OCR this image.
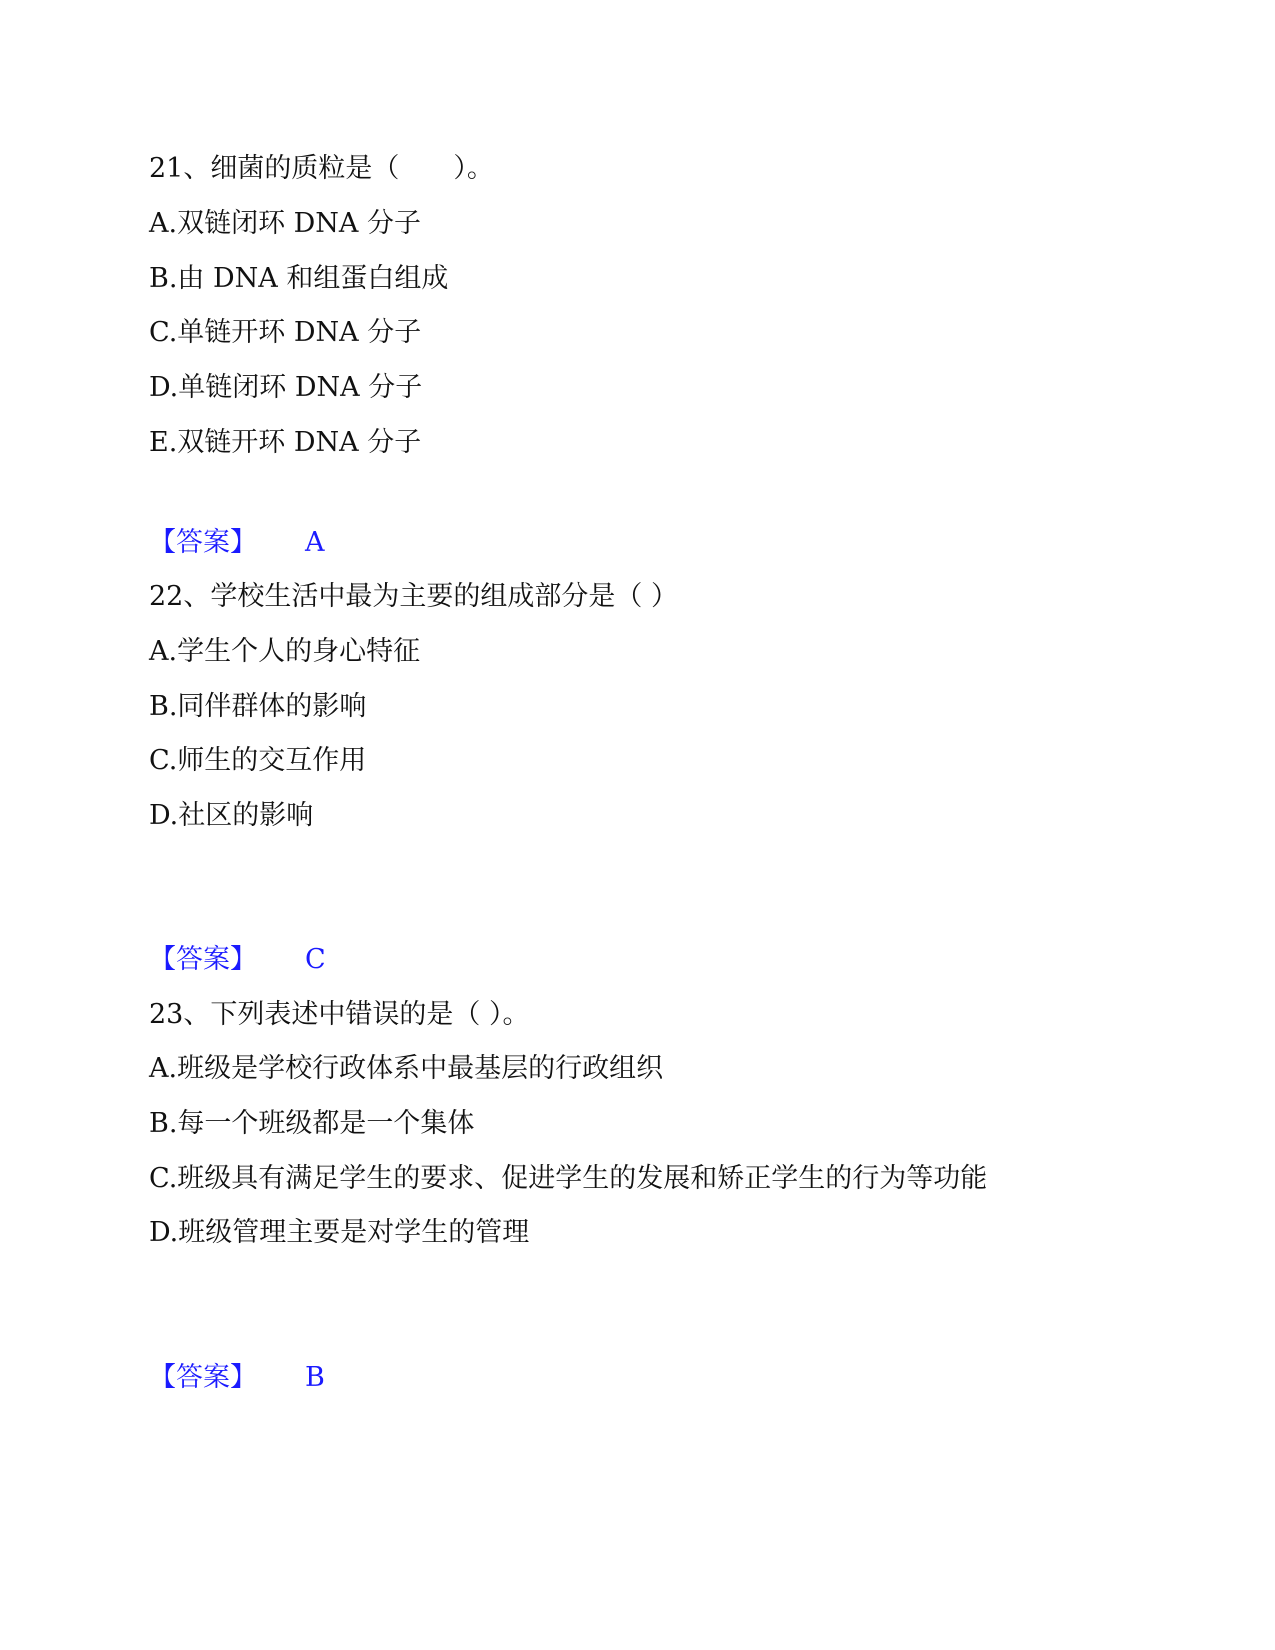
21、细菌的质粒是（　　）。
A.双链闭环 DNA 分子
B.由 DNA 和组蛋白组成
C.单链开环 DNA 分子
D.单链闭环 DNA 分子
E.双链开环 DNA 分子
【答案】 A
22、学校生活中最为主要的组成部分是（ ）
A.学生个人的身心特征
B.同伴群体的影响
C.师生的交互作用
D.社区的影响
【答案】 C
23、下列表述中错误的是（ ）。
A.班级是学校行政体系中最基层的行政组织
B.每一个班级都是一个集体
C.班级具有满足学生的要求、促进学生的发展和矫正学生的行为等功能
D.班级管理主要是对学生的管理
【答案】 B
